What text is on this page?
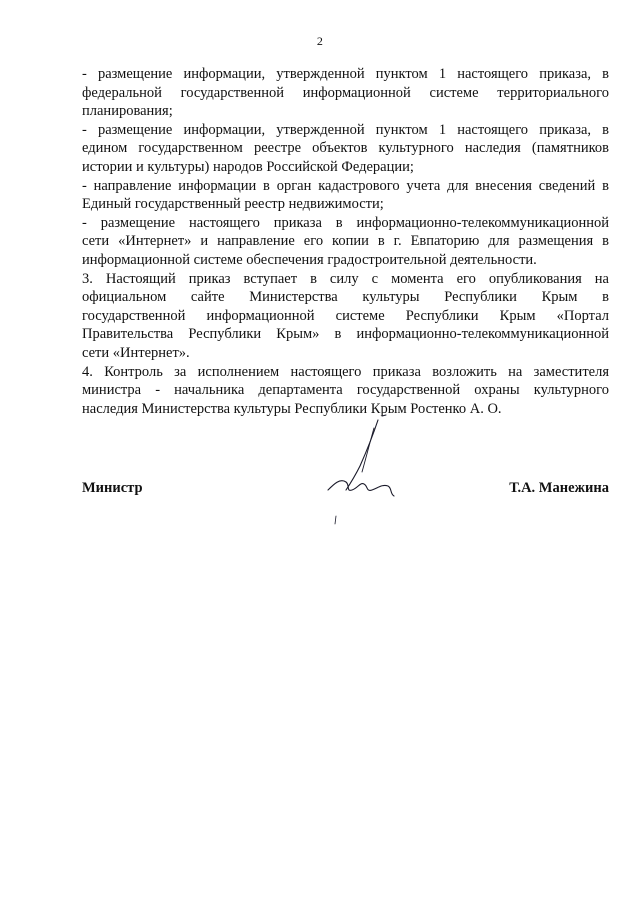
2

- размещение информации, утвержденной пунктом 1 настоящего приказа, в
федеральной государственной информационной системе территориального
планирования;

- размещение информации, утвержденной пунктом 1 настоящего приказа, в
едином государственном реестре объектов культурного наследия (памятников
истории и культуры) народов Российской Федерации;

- направление информации в орган кадастрового учета для внесения сведений в
Единый государственный реестр недвижимости;

- размещение настоящего приказа в информационно-телекоммуникационной
сети «Интернет» и направление его копии в г. Евпаторию для размещения в
информационной системе обеспечения градостроительной деятельности.

3. Настоящий приказ вступает в силу с момента его опубликования на
официальном сайте Министерства культуры Республики Крым в
государственной информационной системе Республики Крым «Портал
Правительства Республики Крым» в информационно-телекоммуникационной
сети «Интернет».

4. Контроль за исполнением настоящего приказа возложить на заместителя
министра - начальника департамента государственной охраны культурного
наследия Министерства культуры Республики Крым Ростенко А. О.

Министр	Т.А. Манежина
